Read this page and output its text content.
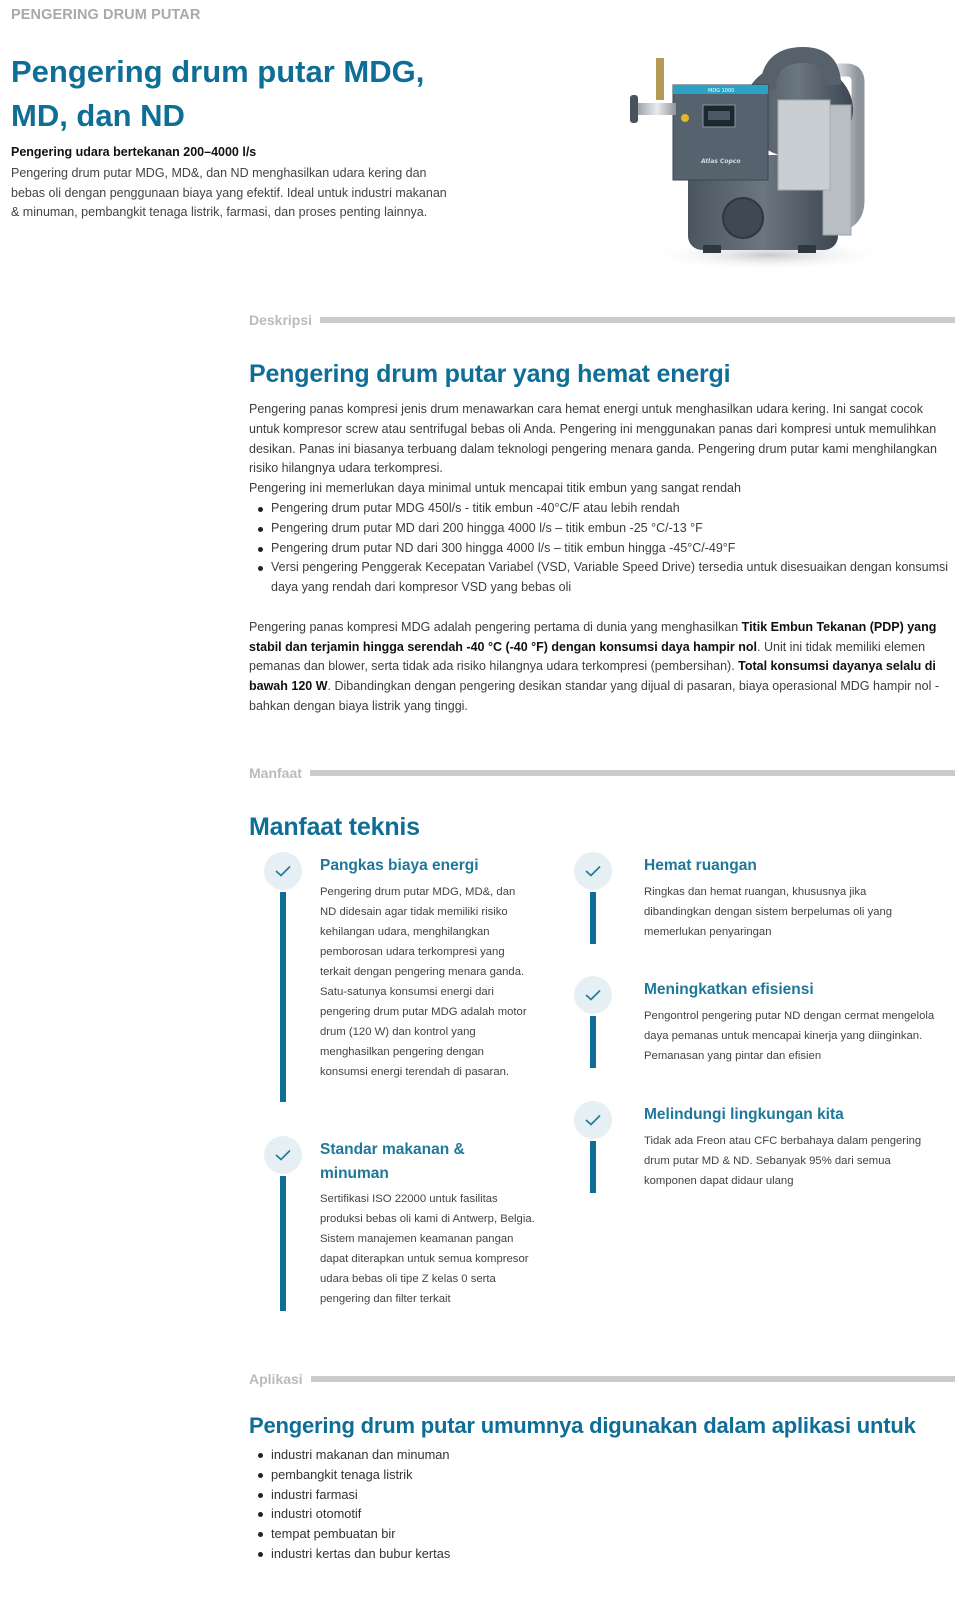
PENGERING DRUM PUTAR
Pengering drum putar MDG, MD, dan ND
Pengering udara bertekanan 200–4000 l/s

Pengering drum putar MDG, MD&, dan ND menghasilkan udara kering dan bebas oli dengan penggunaan biaya yang efektif. Ideal untuk industri makanan & minuman, pembangkit tenaga listrik, farmasi, dan proses penting lainnya.

MDG 1000
Atlas Copco
Deskripsi
Pengering drum putar yang hemat energi

Pengering panas kompresi jenis drum menawarkan cara hemat energi untuk menghasilkan udara kering. Ini sangat cocok untuk kompresor screw atau sentrifugal bebas oli Anda. Pengering ini menggunakan panas dari kompresi untuk memulihkan desikan. Panas ini biasanya terbuang dalam teknologi pengering menara ganda. Pengering drum putar kami menghilangkan risiko hilangnya udara terkompresi.

Pengering ini memerlukan daya minimal untuk mencapai titik embun yang sangat rendah

Pengering drum putar MDG 450l/s - titik embun -40°C/F atau lebih rendah
Pengering drum putar MD dari 200 hingga 4000 l/s – titik embun -25 °C/-13 °F
Pengering drum putar ND dari 300 hingga 4000 l/s – titik embun hingga -45°C/-49°F
Versi pengering Penggerak Kecepatan Variabel (VSD, Variable Speed Drive) tersedia untuk disesuaikan dengan konsumsi daya yang rendah dari kompresor VSD yang bebas oli

Pengering panas kompresi MDG adalah pengering pertama di dunia yang menghasilkan Titik Embun Tekanan (PDP) yang stabil dan terjamin hingga serendah -40 °C (-40 °F) dengan konsumsi daya hampir nol. Unit ini tidak memiliki elemen pemanas dan blower, serta tidak ada risiko hilangnya udara terkompresi (pembersihan). Total konsumsi dayanya selalu di bawah 120 W. Dibandingkan dengan pengering desikan standar yang dijual di pasaran, biaya operasional MDG hampir nol - bahkan dengan biaya listrik yang tinggi.

Manfaat
Manfaat teknis
Pangkas biaya energi
Pengering drum putar MDG, MD&, dan ND didesain agar tidak memiliki risiko kehilangan udara, menghilangkan pemborosan udara terkompresi yang terkait dengan pengering menara ganda.
Satu-satunya konsumsi energi dari pengering drum putar MDG adalah motor drum (120 W) dan kontrol yang menghasilkan pengering dengan konsumsi energi terendah di pasaran.
Standar makanan & minuman
Sertifikasi ISO 22000 untuk fasilitas produksi bebas oli kami di Antwerp, Belgia. Sistem manajemen keamanan pangan dapat diterapkan untuk semua kompresor udara bebas oli tipe Z kelas 0 serta pengering dan filter terkait
Hemat ruangan
Ringkas dan hemat ruangan, khususnya jika dibandingkan dengan sistem berpelumas oli yang memerlukan penyaringan
Meningkatkan efisiensi
Pengontrol pengering putar ND dengan cermat mengelola daya pemanas untuk mencapai kinerja yang diinginkan. Pemanasan yang pintar dan efisien
Melindungi lingkungan kita
Tidak ada Freon atau CFC berbahaya dalam pengering drum putar MD & ND. Sebanyak 95% dari semua komponen dapat didaur ulang
Aplikasi
Pengering drum putar umumnya digunakan dalam aplikasi untuk
industri makanan dan minuman
pembangkit tenaga listrik
industri farmasi
industri otomotif
tempat pembuatan bir
industri kertas dan bubur kertas
